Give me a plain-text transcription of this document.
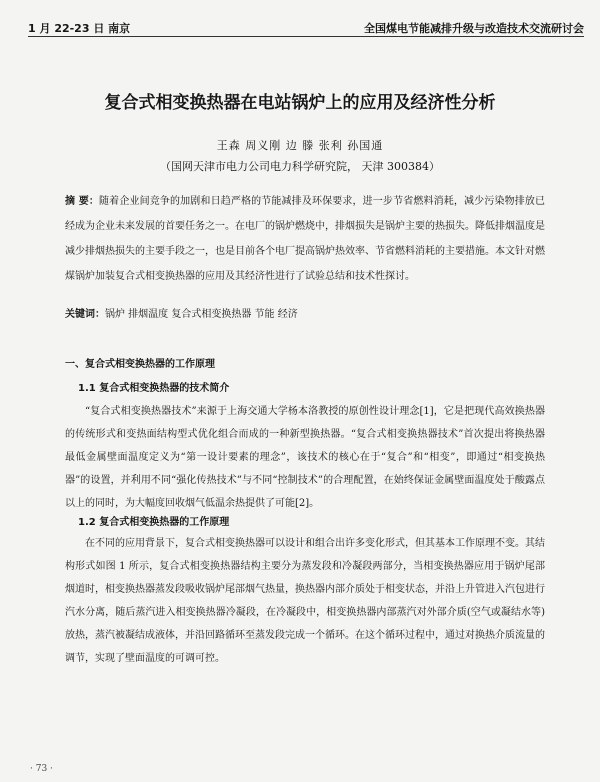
1 月 22-23 日 南京	全国煤电节能减排升级与改造技术交流研讨会
复合式相变换热器在电站锅炉上的应用及经济性分析
王森 周义刚 边 滕 张利 孙国通
（国网天津市电力公司电力科学研究院， 天津 300384）
摘 要：随着企业间竞争的加剧和日趋严格的节能减排及环保要求，进一步节省燃料消耗，减少污染物排放已经成为企业未来发展的首要任务之一。在电厂的锅炉燃烧中，排烟损失是锅炉主要的热损失。降低排烟温度是减少排烟热损失的主要手段之一，也是目前各个电厂提高锅炉热效率、节省燃料消耗的主要措施。本文针对燃煤锅炉加装复合式相变换热器的应用及其经济性进行了试验总结和技术性探讨。
关键词：锅炉 排烟温度 复合式相变换热器 节能 经济
一、复合式相变换热器的工作原理
1.1 复合式相变换热器的技术简介

“复合式相变换热器技术”来源于上海交通大学杨本洛教授的原创性设计理念[1]，它是把现代高效换热器的传统形式和变热面结构型式优化组合而成的一种新型换热器。“复合式相变换热器技术”首次提出将换热器最低金属壁面温度定义为“第一设计要素的理念”，该技术的核心在于“复合”和“相变”，即通过“相变换热器”的设置，并利用不同“强化传热技术”与不同“控制技术”的合理配置，在始终保证金属壁面温度处于酸露点以上的同时，为大幅度回收烟气低温余热提供了可能[2]。

1.2 复合式相变换热器的工作原理

在不同的应用背景下，复合式相变换热器可以设计和组合出许多变化形式，但其基本工作原理不变。其结构形式如图 1 所示，复合式相变换热器结构主要分为蒸发段和冷凝段两部分，当相变换热器应用于锅炉尾部烟道时，相变换热器蒸发段吸收锅炉尾部烟气热量，换热器内部介质处于相变状态，并沿上升管进入汽包进行汽水分离，随后蒸汽进入相变换热器冷凝段，在冷凝段中，相变换热器内部蒸汽对外部介质(空气或凝结水等)放热，蒸汽被凝结成液体，并沿回路循环至蒸发段完成一个循环。在这个循环过程中，通过对换热介质流量的调节，实现了壁面温度的可调可控。

· 73 ·
